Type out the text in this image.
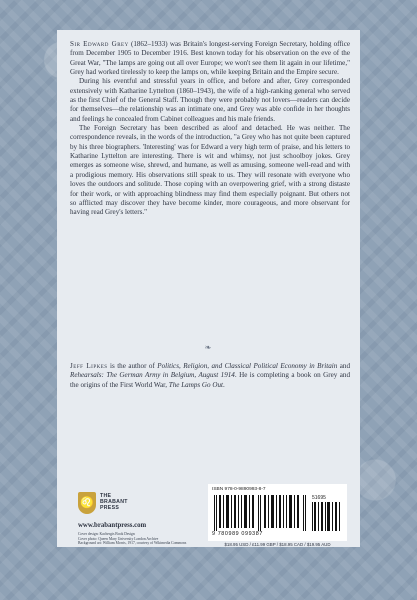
Sir Edward Grey (1862–1933) was Britain's longest-serving Foreign Secretary, holding office from December 1905 to December 1916. Best known today for his observation on the eve of the Great War, "The lamps are going out all over Europe; we won't see them lit again in our lifetime," Grey had worked tirelessly to keep the lamps on, while keeping Britain and the Empire secure.

During his eventful and stressful years in office, and before and after, Grey corresponded extensively with Katharine Lyttelton (1860–1943), the wife of a high-ranking general who served as the first Chief of the General Staff. Though they were probably not lovers—readers can decide for themselves—the relationship was an intimate one, and Grey was able confide in her thoughts and feelings he concealed from Cabinet colleagues and his male friends.

The Foreign Secretary has been described as aloof and detached. He was neither. The correspondence reveals, in the words of the introduction, "a Grey who has not quite been captured by his three biographers. 'Interesting' was for Edward a very high term of praise, and his letters to Katharine Lyttelton are interesting. There is wit and whimsy, not just schoolboy jokes. Grey emerges as someone wise, shrewd, and humane, as well as amusing, someone well-read and with a prodigious memory. His observations still speak to us. They will resonate with everyone who loves the outdoors and solitude. Those coping with an overpowering grief, with a strong distaste for their work, or with approaching blindness may find them especially poignant. But others not so afflicted may discover they have become kinder, more courageous, and more observant for having read Grey's letters."

❧

Jeff Lipkes is the author of Politics, Religion, and Classical Political Economy in Britain and Rehearsals: The German Army in Belgium, August 1914. He is completing a book on Grey and the origins of the First World War, The Lamps Go Out.

♌
THE
BRABANT
PRESS
www.brabantpress.com
Cover design: Kachergis Book Design
Cover photo: Queen Mary University London Archive
Background art: William Morris, 1917, courtesy of Wikimedia Commons
ISBN 978-0-9890993-8-7
51695
9 780989 099387
$18.95 USD / £11.99 GBP / $18.95 CAD / $19.95 AUD
